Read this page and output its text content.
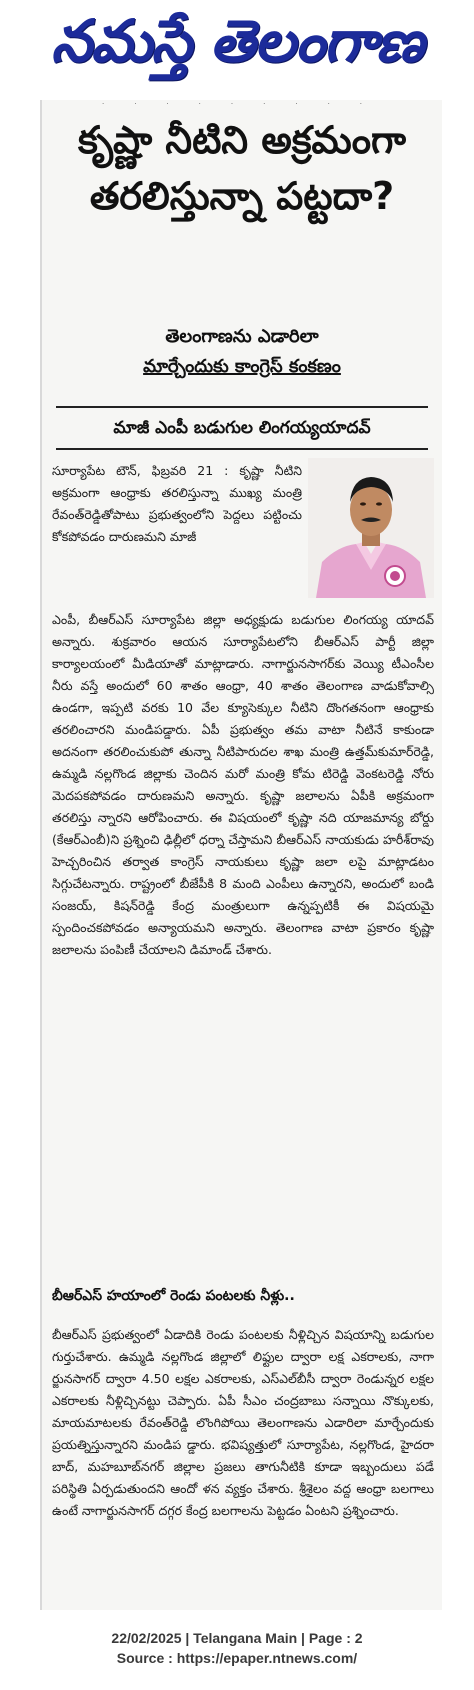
నమస్తే తెలంగాణ
·········
కృష్ణా నీటిని అక్రమంగా
తరలిస్తున్నా పట్టదా?
తెలంగాణను ఎడారిలా
మార్చేందుకు కాంగ్రెస్ కంకణం
మాజీ ఎంపీ బడుగుల లింగయ్యయాదవ్
సూర్యాపేట టౌన్, ఫిబ్రవరి 21 : కృష్ణా నీటిని అక్రమంగా ఆంధ్రాకు తరలిస్తున్నా ముఖ్య మంత్రి రేవంత్‌రెడ్డితోపాటు ప్రభుత్వంలోని పెద్దలు పట్టించు కోకపోవడం దారుణమని మాజీ
ఎంపీ, బీఆర్ఎస్ సూర్యాపేట జిల్లా అధ్యక్షుడు బడుగుల లింగయ్య యాదవ్ అన్నారు. శుక్రవారం ఆయన సూర్యాపేటలోని బీఆర్ఎస్ పార్టీ జిల్లా కార్యాలయంలో మీడియాతో మాట్లాడారు. నాగార్జునసాగర్‌కు వెయ్యి టీఎంసీల నీరు వస్తే అందులో 60 శాతం ఆంధ్రా, 40 శాతం తెలంగాణ వాడుకోవాల్సి ఉండగా, ఇప్పటి వరకు 10 వేల క్యూసెక్కుల నీటిని దొంగతనంగా ఆంధ్రాకు తరలించారని మండిపడ్డారు. ఏపీ ప్రభుత్వం తమ వాటా నీటినే కాకుండా అదనంగా తరలించుకుపో తున్నా నీటిపారుదల శాఖ మంత్రి ఉత్తమ్‌కుమార్‌రెడ్డి, ఉమ్మడి నల్లగొండ జిల్లాకు చెందిన మరో మంత్రి కోమ టిరెడ్డి వెంకటరెడ్డి నోరు మెదపకపోవడం దారుణమని అన్నారు. కృష్ణా జలాలను ఏపీకి అక్రమంగా తరలిస్తు న్నారని ఆరోపించారు. ఈ విషయంలో కృష్ణా నది యాజమాన్య బోర్డు (కేఆర్ఎంబీ)ని ప్రశ్నించి ఢిల్లీలో ధర్నా చేస్తామని బీఆర్ఎస్ నాయకుడు హరీశ్‌రావు హెచ్చరించిన తర్వాత కాంగ్రెస్ నాయకులు కృష్ణా జలా లపై మాట్లాడటం సిగ్గుచేటన్నారు. రాష్ట్రంలో బీజేపీకి 8 మంది ఎంపీలు ఉన్నారని, అందులో బండి సంజయ్, కిషన్‌రెడ్డి కేంద్ర మంత్రులుగా ఉన్నప్పటికీ ఈ విషయమై స్పందించకపోవడం అన్యాయమని అన్నారు. తెలంగాణ వాటా ప్రకారం కృష్ణా జలాలను పంపిణీ చేయాలని డిమాండ్ చేశారు.
బీఆర్ఎస్ హయాంలో రెండు పంటలకు నీళ్లు..
బీఆర్ఎస్ ప్రభుత్వంలో ఏడాదికి రెండు పంటలకు నీళ్లిచ్చిన విషయాన్ని బడుగుల గుర్తుచేశారు. ఉమ్మడి నల్లగొండ జిల్లాలో లిఫ్టుల ద్వారా లక్ష ఎకరాలకు, నాగా ర్జునసాగర్ ద్వారా 4.50 లక్షల ఎకరాలకు, ఎస్ఎల్‌బీసీ ద్వారా రెండున్నర లక్షల ఎకరాలకు నీళ్లిచ్చినట్టు చెప్పారు. ఏపీ సీఎం చంద్రబాబు సన్నాయి నొక్కులకు, మాయమాటలకు రేవంత్‌రెడ్డి లొంగిపోయి తెలంగాణను ఎడారిలా మార్చేందుకు ప్రయత్నిస్తున్నారని మండిప డ్డారు. భవిష్యత్తులో సూర్యాపేట, నల్లగొండ, హైదరా బాద్, మహబూబ్‌నగర్ జిల్లాల ప్రజలు తాగునీటికి కూడా ఇబ్బందులు పడే పరిస్థితి ఏర్పడుతుందని ఆందో ళన వ్యక్తం చేశారు. శ్రీశైలం వద్ద ఆంధ్రా బలగాలు ఉంటే నాగార్జునసాగర్ దగ్గర కేంద్ర బలగాలను పెట్టడం ఏంటని ప్రశ్నించారు.
22/02/2025 | Telangana Main | Page : 2
Source : https://epaper.ntnews.com/
